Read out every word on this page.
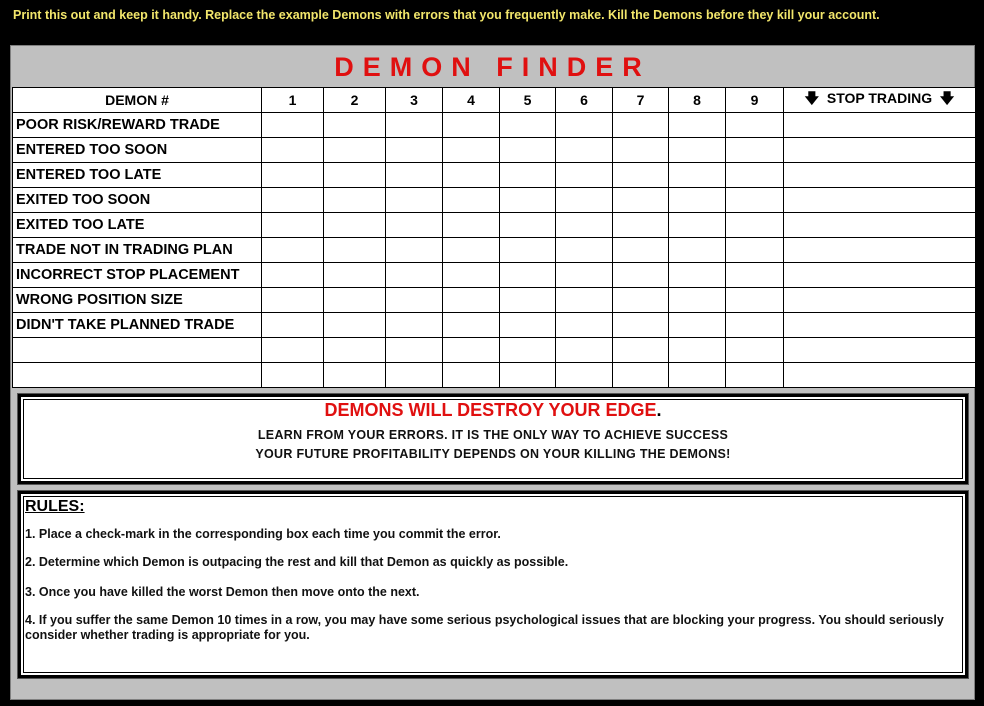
Print this out and keep it handy. Replace the example Demons with errors that you frequently make. Kill the Demons before they kill your account.
DEMON FINDER
DEMON #	1	2	3	4	5	6	7	8	9	🡇 STOP TRADING 🡇
POOR RISK/REWARD TRADE										
ENTERED TOO SOON										
ENTERED TOO LATE										
EXITED TOO SOON										
EXITED TOO LATE										
TRADE NOT IN TRADING PLAN										
INCORRECT STOP PLACEMENT										
WRONG POSITION SIZE										
DIDN'T TAKE PLANNED TRADE										

DEMONS WILL DESTROY YOUR EDGE.
LEARN FROM YOUR ERRORS. IT IS THE ONLY WAY TO ACHIEVE SUCCESS
YOUR FUTURE PROFITABILITY DEPENDS ON YOUR KILLING THE DEMONS!
RULES:
1. Place a check-mark in the corresponding box each time you commit the error.
2. Determine which Demon is outpacing the rest and kill that Demon as quickly as possible.
3. Once you have killed the worst Demon then move onto the next.
4. If you suffer the same Demon 10 times in a row, you may have some serious psychological issues that are blocking your progress. You should seriously consider whether trading is appropriate for you.
